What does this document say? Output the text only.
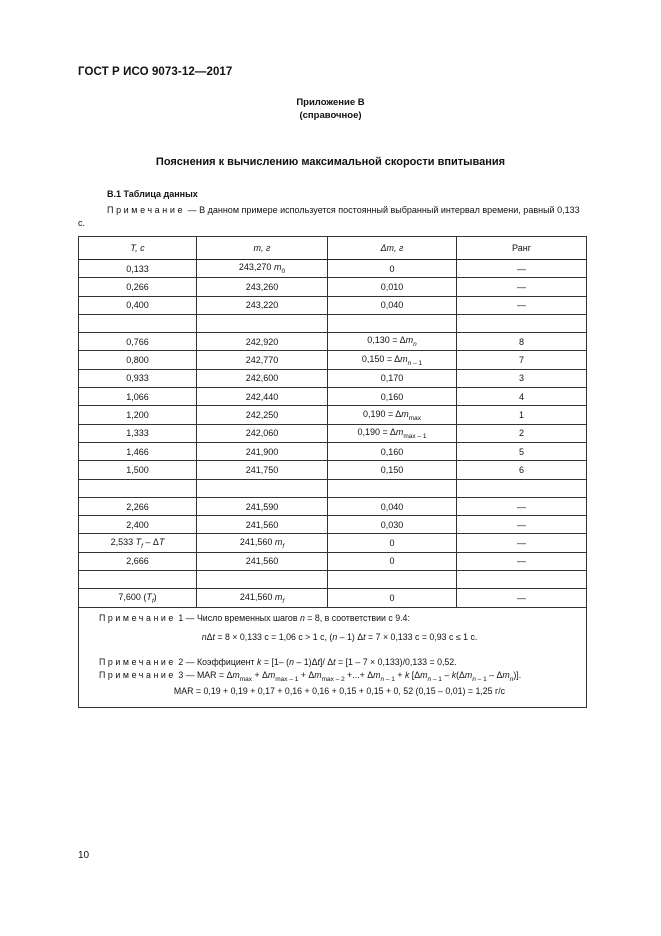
ГОСТ Р ИСО 9073-12—2017
Приложение В
(справочное)
Пояснения к вычислению максимальной скорости впитывания
В.1 Таблица данных
Примечание — В данном примере используется постоянный выбранный интервал времени, равный 0,133 с.
T, c	m, г	Δm, г	Ранг
0,133	243,270 $m_0$	0	—
0,266	243,260	0,010	—
0,400	243,220	0,040	—

0,766	242,920	$0,130 = \Delta m_n$	8
0,800	242,770	$0,150 = \Delta m_{n - 1}$	7
0,933	242,600	0,170	3
1,066	242,440	0,160	4
1,200	242,250	$0,190 = \Delta m_{max}$	1
1,333	242,060	$0,190 = \Delta m_{max - 1}$	2
1,466	241,900	0,160	5
1,500	241,750	0,150	6

2,266	241,590	0,040	—
2,400	241,560	0,030	—
2,533 $T_f$ – ΔT	241,560 $m_f$	0	—
2,666	241,560	0	—

7,600 $(T_f)$	241,560 $m_f$	0	—

Примечание 1 — Число временных шагов n = 8, в соответствии с 9.4:
nΔt = 8 × 0,133 с = 1,06 с > 1 с, (n – 1) Δt = 7 × 0,133 с = 0,93 с ≤ 1 с.
Примечание 2 — Коэффициент k = [1– (n – 1)Δt]/ Δt = [1 – 7 × 0,133)/0,133 = 0,52.
Примечание 3 — MAR = $\Delta m_{max} + \Delta m_{max - 1} + \Delta m_{max - 2}$ +...+ $\Delta m_{n - 1} + k$ $[\Delta m_{n - 1} - k(\Delta m_{n - 1} - \Delta m_n)]$.
MAR = 0,19 + 0,19 + 0,17 + 0,16 + 0,16 + 0,15 + 0,15 + 0, 52 (0,15 – 0,01) = 1,25 г/с			
10
